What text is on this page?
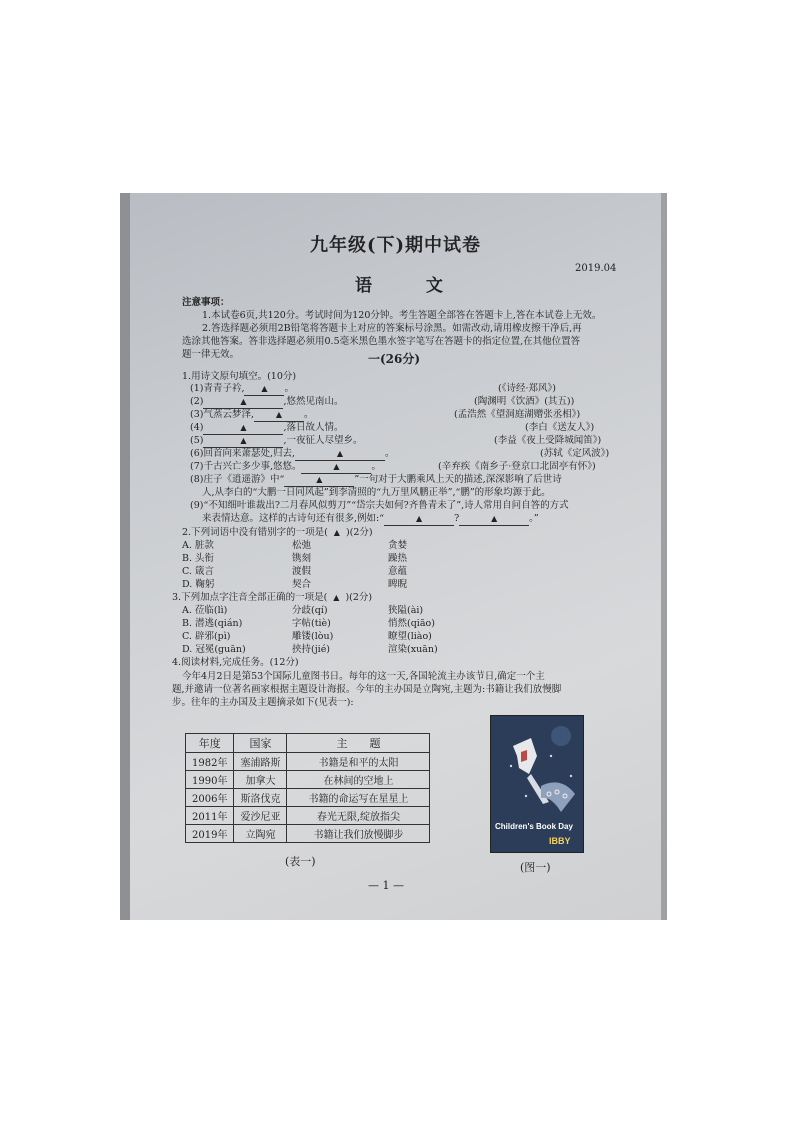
九年级(下)期中试卷
语 文
2019.04
注意事项：
1.本试卷6页,共120分。考试时间为120分钟。考生答题全部答在答题卡上,答在本试卷上无效。
2.答选择题必须用2B铅笔将答题卡上对应的答案标号涂黑。如需改动,请用橡皮擦干净后,再
选涂其他答案。答非选择题必须用0.5毫米黑色墨水签字笔写在答题卡的指定位置,在其他位置答
题一律无效。	一(26分)
1.用诗文原句填空。(10分)
(1)青青子衿, ▲ 。	(《诗经·郑风》)
(2)	▲	,悠然见南山。	(陶渊明《饮酒》(其五))
(3)气蒸云梦泽,	▲ 。	(孟浩然《望洞庭湖赠张丞相》)
(4)	▲	,落日故人情。	(李白《送友人》)
(5)	▲	,一夜征人尽望乡。	(李益《夜上受降城闻笛》)
(6)回首向来萧瑟处,归去,	▲	。	(苏轼《定风波》)
(7)千古兴亡多少事,悠悠。	▲	。	(辛弃疾《南乡子·登京口北固亭有怀》)
(8)庄子《逍遥游》中“	▲	”一句对于大鹏乘风上天的描述,深深影响了后世诗
人,从李白的“大鹏一日同风起”到李清照的“九万里风鹏正举”,“鹏”的形象均源于此。
(9)“不知细叶谁裁出?二月春风似剪刀”“岱宗夫如何?齐鲁青未了”,诗人常用自问自答的方式
来表情达意。这样的古诗句还有很多,例如:“	▲	?	▲	。”
2.下列词语中没有错别字的一项是( ▲ )(2分)
A. 脏款	松弛	贪婪
B. 头衔	镌刻	躁热
C. 箴言	渡假	意蕴
D. 鞠躬	契合	睥睨
3.下列加点字注音全部正确的一项是( ▲ )(2分)
A. 莅临(lì)	分歧(qí)	狭隘(ài)
B. 潜逃(qián)	字帖(tiè)	悄然(qiāo)
C. 辟邪(pì)	雕镂(lòu)	瞭望(liào)
D. 冠冕(guān)	挟持(jié)	渲染(xuān)
4.阅读材料,完成任务。(12分)
今年4月2日是第53个国际儿童图书日。每年的这一天,各国轮流主办该节日,确定一个主
题,并邀请一位著名画家根据主题设计海报。今年的主办国是立陶宛,主题为:书籍让我们放慢脚
步。往年的主办国及主题摘录如下(见表一):
年度	国家	主　　题
1982年	塞浦路斯	书籍是和平的太阳
1990年	加拿大	在林间的空地上
2006年	斯洛伐克	书籍的命运写在星星上
2011年	爱沙尼亚	春光无限,绽放指尖
2019年	立陶宛	书籍让我们放慢脚步
(表一)
Children's Book Day
IBBY
(图一)
— 1 —
